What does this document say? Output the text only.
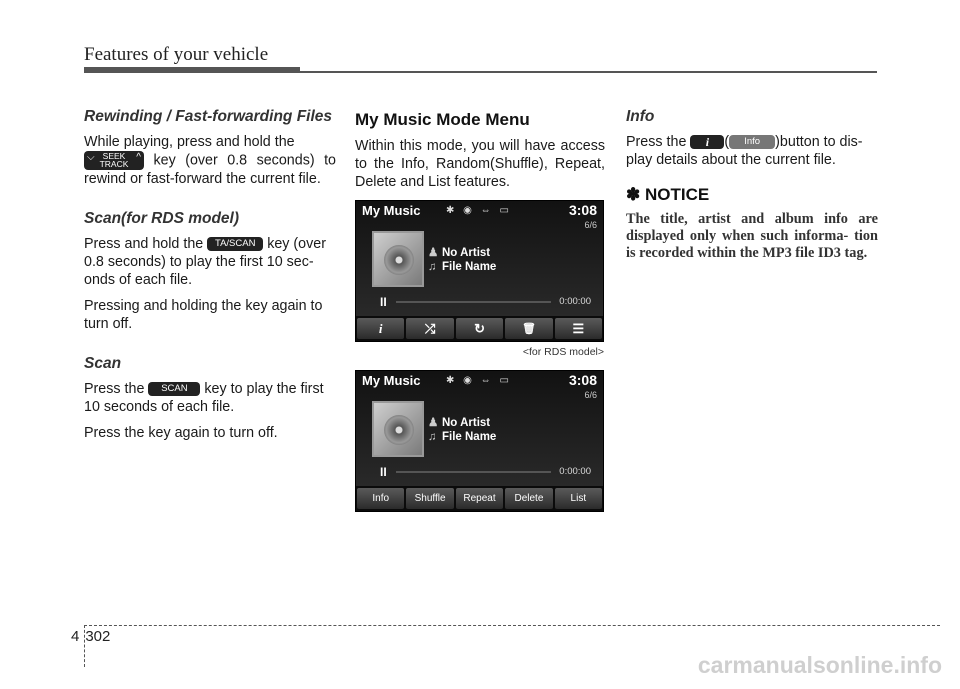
Features of your vehicle
Rewinding / Fast-forwarding Files

While playing, press and hold the

⌵ SEEK
TRACK
^ key (over 0.8 seconds) to rewind or fast-forward the current file.

Scan(for RDS model)

Press and hold the TA/SCAN key (over 0.8 seconds) to play the first 10 sec- onds of each file.

Pressing and holding the key again to turn off.

Scan

Press the SCAN key to play the first 10 seconds of each file.

Press the key again to turn off.

My Music Mode Menu

Within this mode, you will have access to the Info, Random(Shuffle), Repeat, Delete and List features.

My Music	✱ ◉ ⇔ ▭	3:08
6/6
♟ No Artist
♫ File Name
II	0:00:00
i	⤮	↻	🗑	☰
<for RDS model>
My Music	✱ ◉ ⇔ ▭	3:08
6/6
♟ No Artist
♫ File Name
II	0:00:00
Info	Shuffle	Repeat	Delete	List
Info

Press the i ( Info )button to dis- play details about the current file.

✽ NOTICE
The title, artist and album info are displayed only when such informa- tion is recorded within the MP3 file ID3 tag.
4 302
carmanualsonline.info
